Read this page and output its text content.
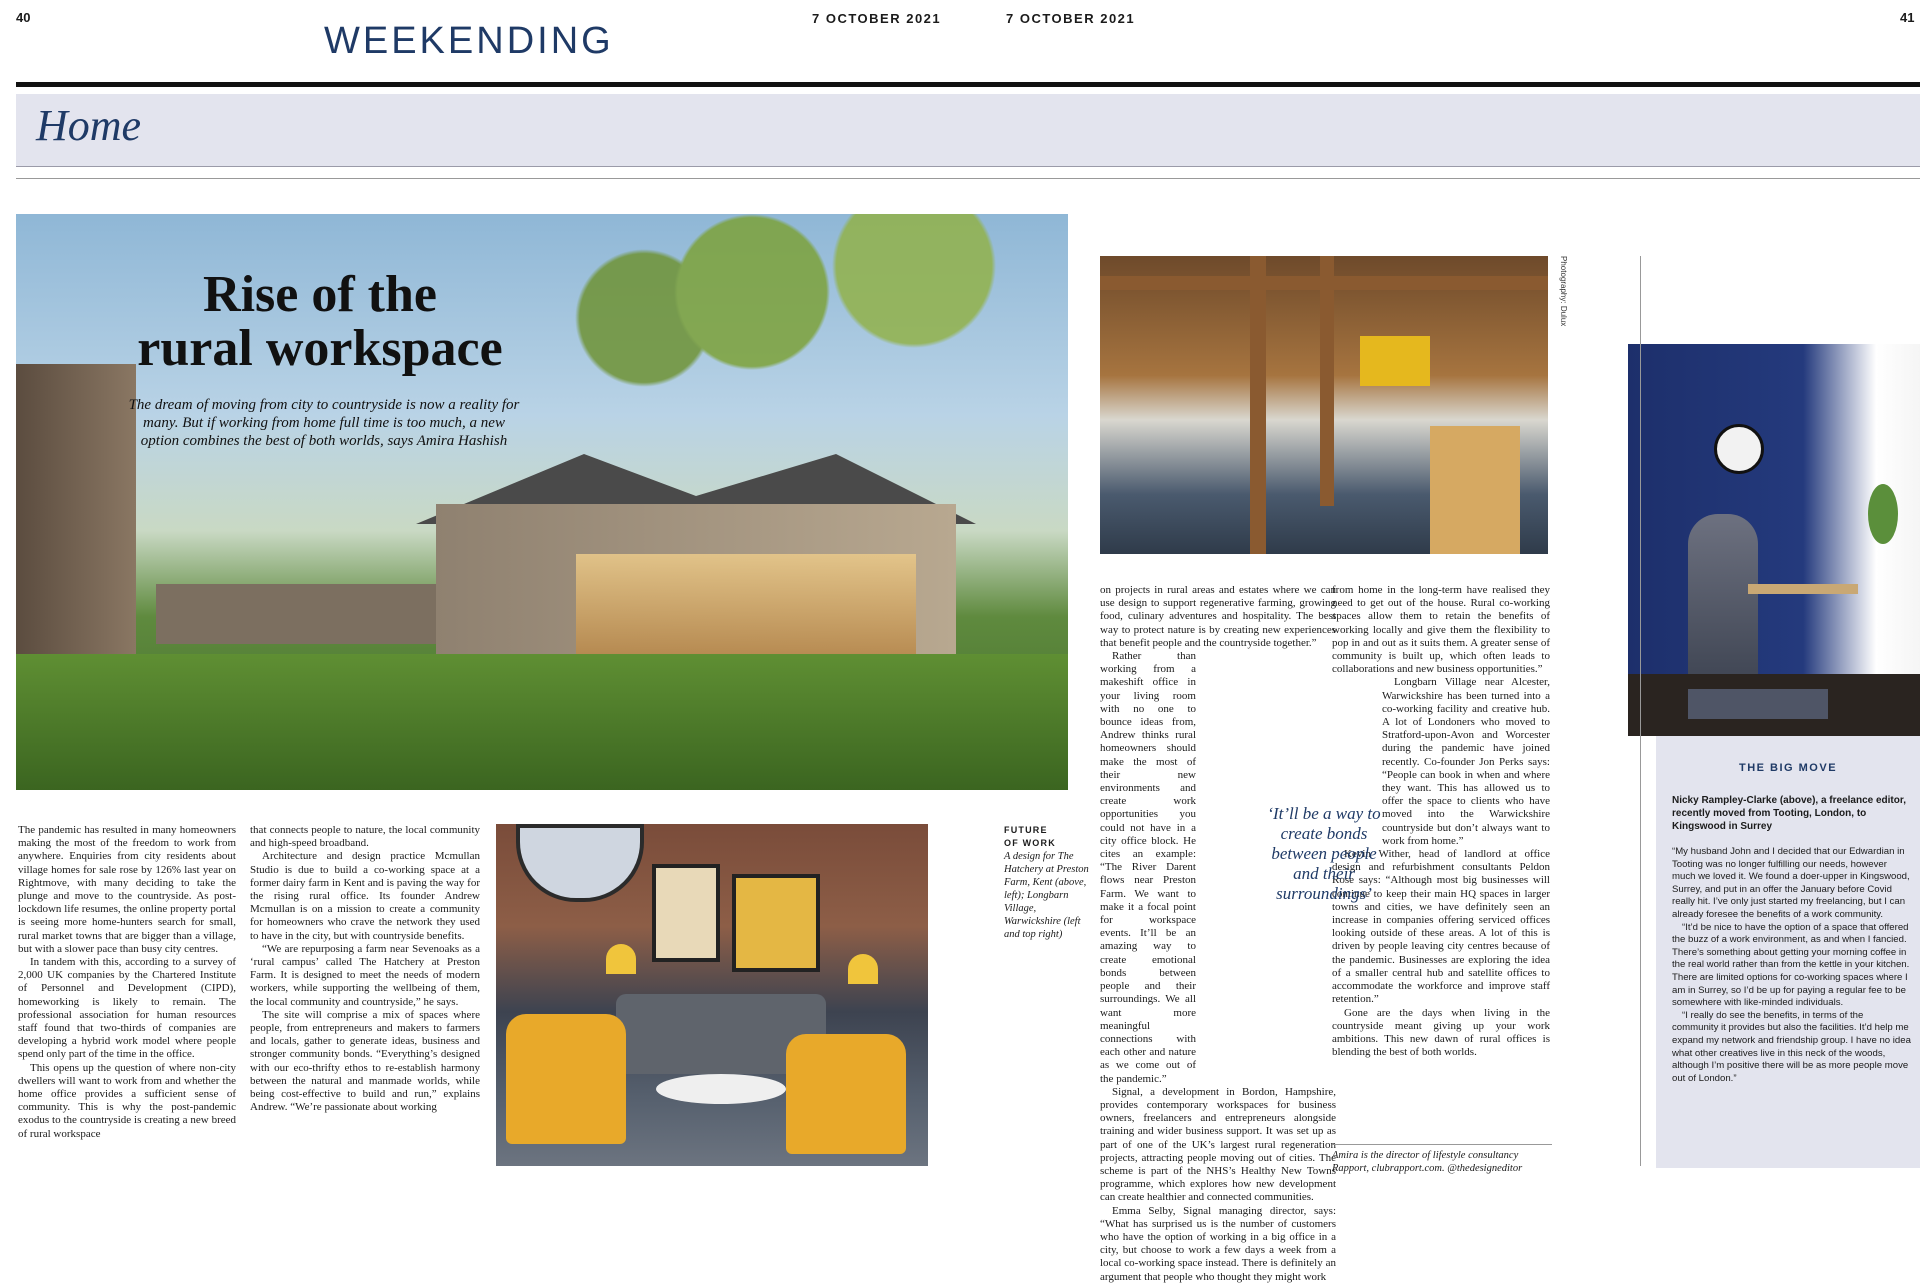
40	7 OCTOBER 2021	7 OCTOBER 2021	41
WEEKENDING
Home
Rise of the
rural workspace
The dream of moving from city to countryside is now a reality for many. But if working from home full time is too much, a new option combines the best of both worlds, says Amira Hashish
Photography: Dulux

The pandemic has resulted in many homeowners making the most of the freedom to work from anywhere. Enquiries from city residents about village homes for sale rose by 126% last year on Rightmove, with many deciding to take the plunge and move to the countryside. As post-lockdown life resumes, the online property portal is seeing more home-hunters search for small, rural market towns that are bigger than a village, but with a slower pace than busy city centres.

In tandem with this, according to a survey of 2,000 UK companies by the Chartered Institute of Personnel and Development (CIPD), homeworking is likely to remain. The professional association for human resources staff found that two-thirds of companies are developing a hybrid work model where people spend only part of the time in the office.

This opens up the question of where non-city dwellers will want to work from and whether the home office provides a sufficient sense of community. This is why the post-pandemic exodus to the countryside is creating a new breed of rural workspace

that connects people to nature, the local community and high-speed broadband.

Architecture and design practice Mcmullan Studio is due to build a co-working space at a former dairy farm in Kent and is paving the way for the rising rural office. Its founder Andrew Mcmullan is on a mission to create a community for homeowners who crave the network they used to have in the city, but with countryside benefits.

“We are repurposing a farm near Sevenoaks as a ‘rural campus’ called The Hatchery at Preston Farm. It is designed to meet the needs of modern workers, while supporting the wellbeing of them, the local community and countryside,” he says.

The site will comprise a mix of spaces where people, from entrepreneurs and makers to farmers and locals, gather to generate ideas, business and stronger community bonds. “Everything’s designed with our eco-thrifty ethos to re-establish harmony between the natural and manmade worlds, while being cost-effective to build and run,” explains Andrew. “We’re passionate about working

on projects in rural areas and estates where we can use design to support regenerative farming, growing food, culinary adventures and hospitality. The best way to protect nature is by creating new experiences that benefit people and the countryside together.”

Rather than working from a makeshift office in your living room with no one to bounce ideas from, Andrew thinks rural homeowners should make the most of their new environments and create work opportunities you could not have in a city office block. He cites an example: “The River Darent flows near Preston Farm. We want to make it a focal point for workspace events. It’ll be an amazing way to create emotional bonds between people and their surroundings. We all want more meaningful connections with each other and nature as we come out of the pandemic.”

Signal, a development in Bordon, Hampshire, provides contemporary workspaces for business owners, freelancers and entrepreneurs alongside training and wider business support. It was set up as part of one of the UK’s largest rural regeneration projects, attracting people moving out of cities. The scheme is part of the NHS’s Healthy New Towns programme, which explores how new development can create healthier and connected communities.

Emma Selby, Signal managing director, says: “What has surprised us is the number of customers who have the option of working in a big office in a city, but choose to work a few days a week from a local co-working space instead. There is definitely an argument that people who thought they might work

from home in the long-term have realised they need to get out of the house. Rural co-working spaces allow them to retain the benefits of working locally and give them the flexibility to pop in and out as it suits them. A greater sense of community is built up, which often leads to collaborations and new business opportunities.”

Longbarn Village near Alcester, Warwickshire has been turned into a co-working facility and creative hub. A lot of Londoners who moved to Stratford-upon-Avon and Worcester during the pandemic have joined recently. Co-founder Jon Perks says: “People can book in when and where they want. This has allowed us to offer the space to clients who have moved into the Warwickshire countryside but don’t always want to work from home.”

Kevin Wither, head of landlord at office design and refurbishment consultants Peldon Rose says: “Although most big businesses will continue to keep their main HQ spaces in larger towns and cities, we have definitely seen an increase in companies offering serviced offices looking outside of these areas. A lot of this is driven by people leaving city centres because of the pandemic. Businesses are exploring the idea of a smaller central hub and satellite offices to accommodate the workforce and improve staff retention.”

Gone are the days when living in the countryside meant giving up your work ambitions. This new dawn of rural offices is blending the best of both worlds.

‘It’ll be a way to create bonds between people and their surroundings’
FUTURE
OF WORK
A design for The Hatchery at Preston Farm, Kent (above, left); Longbarn Village, Warwickshire (left and top right)
Amira is the director of lifestyle consultancy Rapport, clubrapport.com. @thedesigneditor
THE BIG MOVE
Nicky Rampley-Clarke (above), a freelance editor, recently moved from Tooting, London, to Kingswood in Surrey

“My husband John and I decided that our Edwardian in Tooting was no longer fulfilling our needs, however much we loved it. We found a doer-upper in Kingswood, Surrey, and put in an offer the January before Covid really hit. I’ve only just started my freelancing, but I can already foresee the benefits of a work community.

“It’d be nice to have the option of a space that offered the buzz of a work environment, as and when I fancied. There’s something about getting your morning coffee in the real world rather than from the kettle in your kitchen. There are limited options for co-working spaces where I am in Surrey, so I’d be up for paying a regular fee to be somewhere with like-minded individuals.

“I really do see the benefits, in terms of the community it provides but also the facilities. It’d help me expand my network and friendship group. I have no idea what other creatives live in this neck of the woods, although I’m positive there will be as more people move out of London.”
